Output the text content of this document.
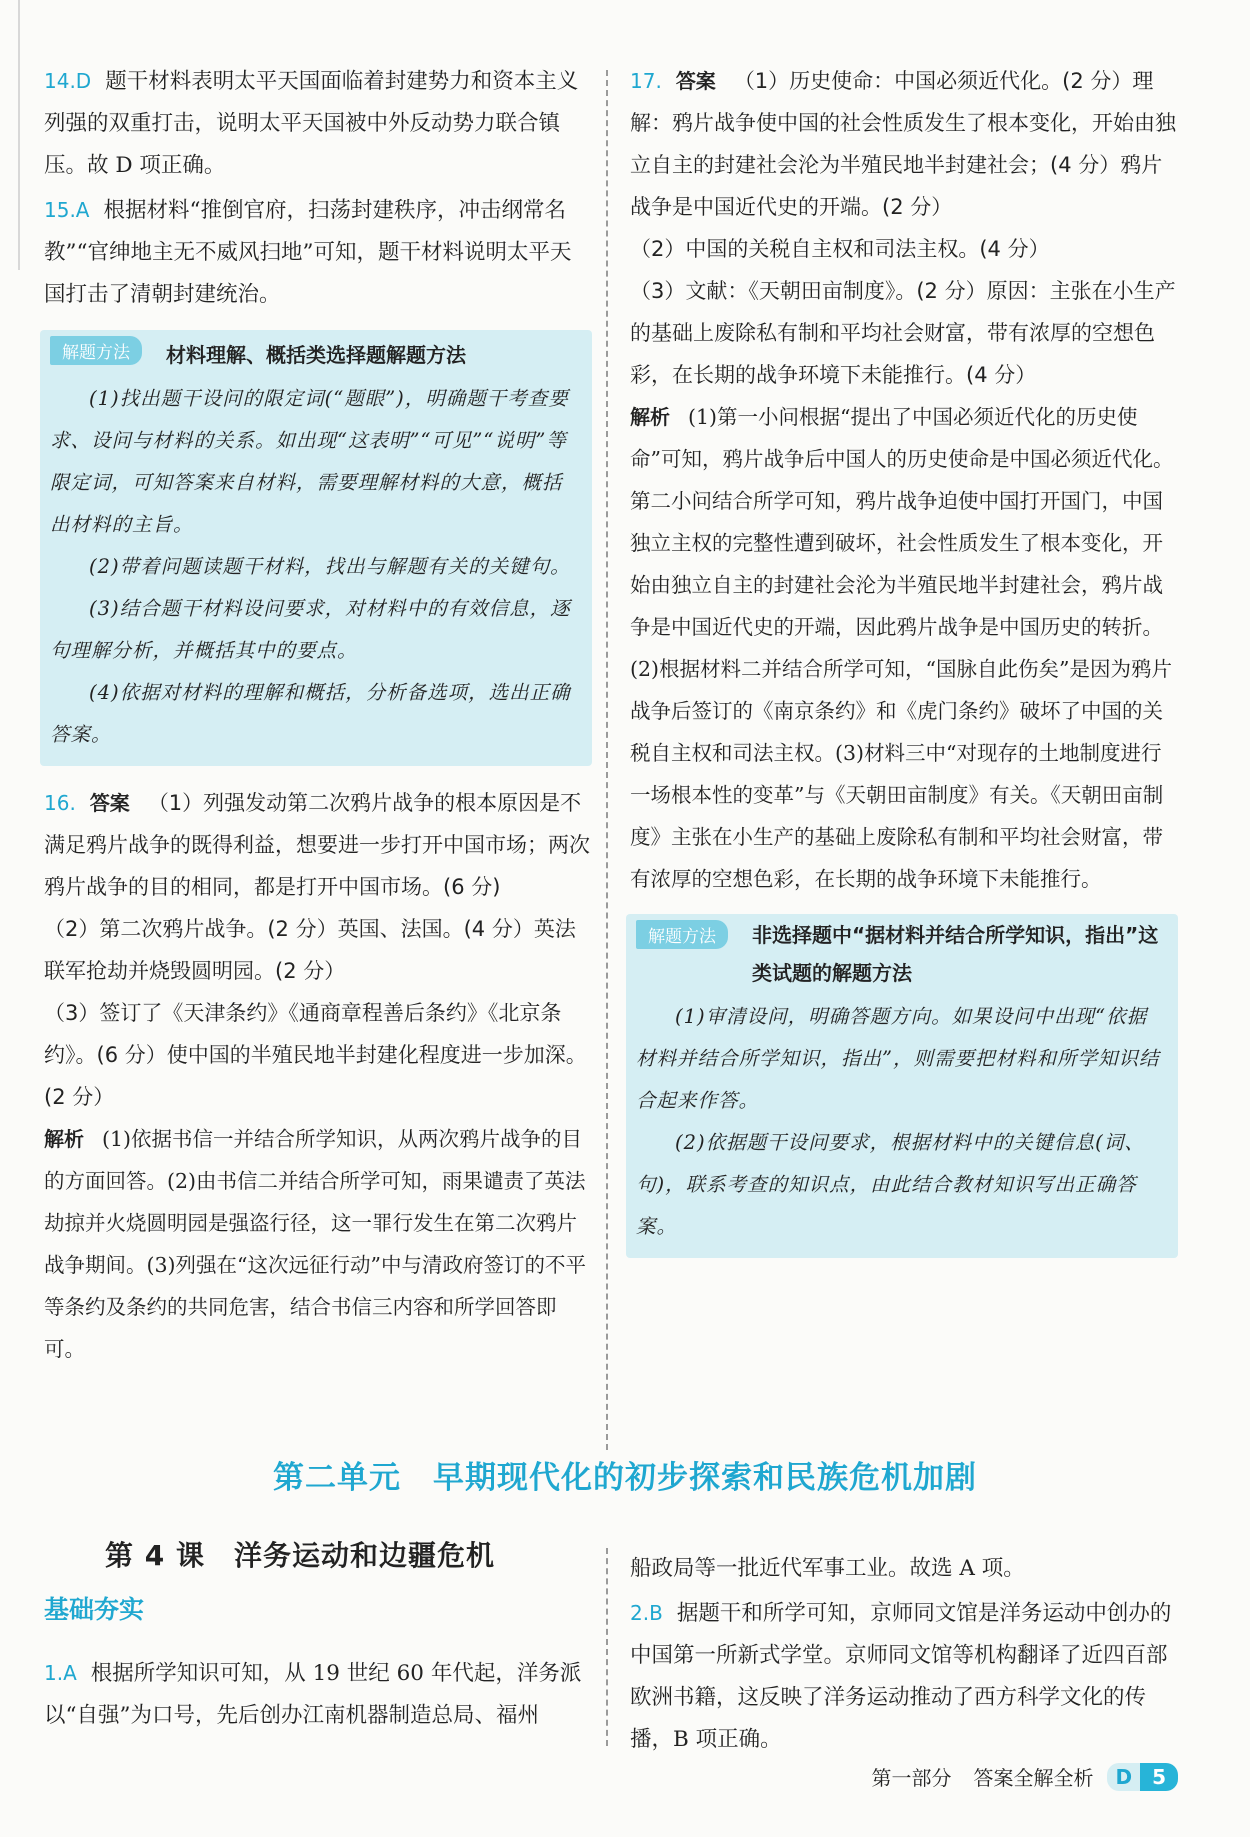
14.D 题干材料表明太平天国面临着封建势力和资本主义列强的双重打击，说明太平天国被中外反动势力联合镇压。故 D 项正确。

15.A 根据材料“推倒官府，扫荡封建秩序，冲击纲常名教”“官绅地主无不威风扫地”可知，题干材料说明太平天国打击了清朝封建统治。

解题方法	材料理解、概括类选择题解题方法

(1)找出题干设问的限定词(“题眼”)，明确题干考查要求、设问与材料的关系。如出现“这表明”“可见”“说明”等限定词，可知答案来自材料，需要理解材料的大意，概括出材料的主旨。

(2)带着问题读题干材料，找出与解题有关的关键句。

(3)结合题干材料设问要求，对材料中的有效信息，逐句理解分析，并概括其中的要点。

(4)依据对材料的理解和概括，分析备选项，选出正确答案。

16. 答案 （1）列强发动第二次鸦片战争的根本原因是不满足鸦片战争的既得利益，想要进一步打开中国市场；两次鸦片战争的目的相同，都是打开中国市场。(6 分)
（2）第二次鸦片战争。(2 分）英国、法国。(4 分）英法联军抢劫并烧毁圆明园。(2 分）
（3）签订了《天津条约》《通商章程善后条约》《北京条约》。(6 分）使中国的半殖民地半封建化程度进一步加深。(2 分）

解析 (1)依据书信一并结合所学知识，从两次鸦片战争的目的方面回答。(2)由书信二并结合所学可知，雨果谴责了英法劫掠并火烧圆明园是强盗行径，这一罪行发生在第二次鸦片战争期间。(3)列强在“这次远征行动”中与清政府签订的不平等条约及条约的共同危害，结合书信三内容和所学回答即可。

17. 答案 （1）历史使命：中国必须近代化。(2 分）理解：鸦片战争使中国的社会性质发生了根本变化，开始由独立自主的封建社会沦为半殖民地半封建社会；(4 分）鸦片战争是中国近代史的开端。(2 分）
（2）中国的关税自主权和司法主权。(4 分）
（3）文献：《天朝田亩制度》。(2 分）原因：主张在小生产的基础上废除私有制和平均社会财富，带有浓厚的空想色彩，在长期的战争环境下未能推行。(4 分）

解析 (1)第一小问根据“提出了中国必须近代化的历史使命”可知，鸦片战争后中国人的历史使命是中国必须近代化。第二小问结合所学可知，鸦片战争迫使中国打开国门，中国独立主权的完整性遭到破坏，社会性质发生了根本变化，开始由独立自主的封建社会沦为半殖民地半封建社会，鸦片战争是中国近代史的开端，因此鸦片战争是中国历史的转折。(2)根据材料二并结合所学可知，“国脉自此伤矣”是因为鸦片战争后签订的《南京条约》和《虎门条约》破坏了中国的关税自主权和司法主权。(3)材料三中“对现存的土地制度进行一场根本性的变革”与《天朝田亩制度》有关。《天朝田亩制度》主张在小生产的基础上废除私有制和平均社会财富，带有浓厚的空想色彩，在长期的战争环境下未能推行。

解题方法	非选择题中“据材料并结合所学知识，指出”这类试题的解题方法

(1)审清设问，明确答题方向。如果设问中出现“依据材料并结合所学知识，指出”，则需要把材料和所学知识结合起来作答。

(2)依据题干设问要求，根据材料中的关键信息(词、句)，联系考查的知识点，由此结合教材知识写出正确答案。

第二单元　早期现代化的初步探索和民族危机加剧
第 4 课　洋务运动和边疆危机
基础夯实

1.A 根据所学知识可知，从 19 世纪 60 年代起，洋务派以“自强”为口号，先后创办江南机器制造总局、福州

船政局等一批近代军事工业。故选 A 项。

2.B 据题干和所学可知，京师同文馆是洋务运动中创办的中国第一所新式学堂。京师同文馆等机构翻译了近四百部欧洲书籍，这反映了洋务运动推动了西方科学文化的传播，B 项正确。

第一部分 答案全解全析	D	5
